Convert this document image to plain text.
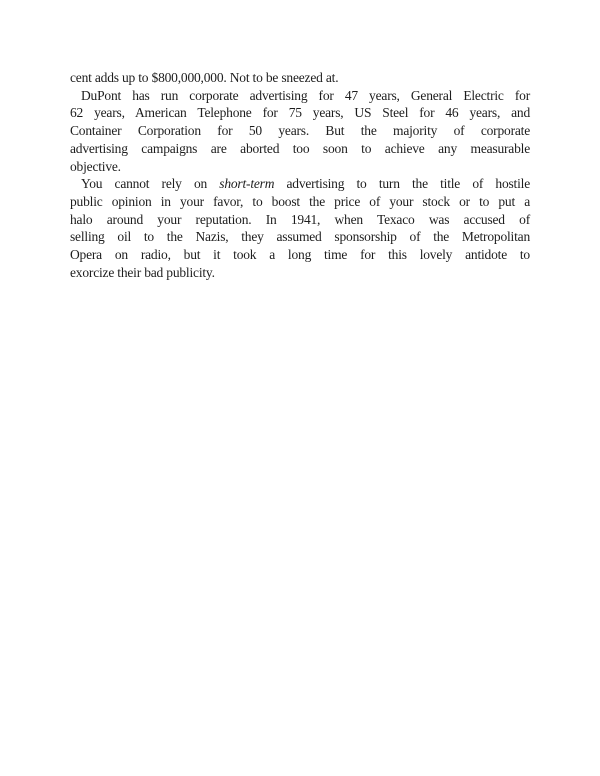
cent adds up to $800,000,000. Not to be sneezed at.
DuPont has run corporate advertising for 47 years, General Electric for
62 years, American Telephone for 75 years, US Steel for 46 years, and
Container Corporation for 50 years. But the majority of corporate
advertising campaigns are aborted too soon to achieve any measurable
objective.
You cannot rely on short-term advertising to turn the title of hostile
public opinion in your favor, to boost the price of your stock or to put a
halo around your reputation. In 1941, when Texaco was accused of
selling oil to the Nazis, they assumed sponsorship of the Metropolitan
Opera on radio, but it took a long time for this lovely antidote to
exorcize their bad publicity.
